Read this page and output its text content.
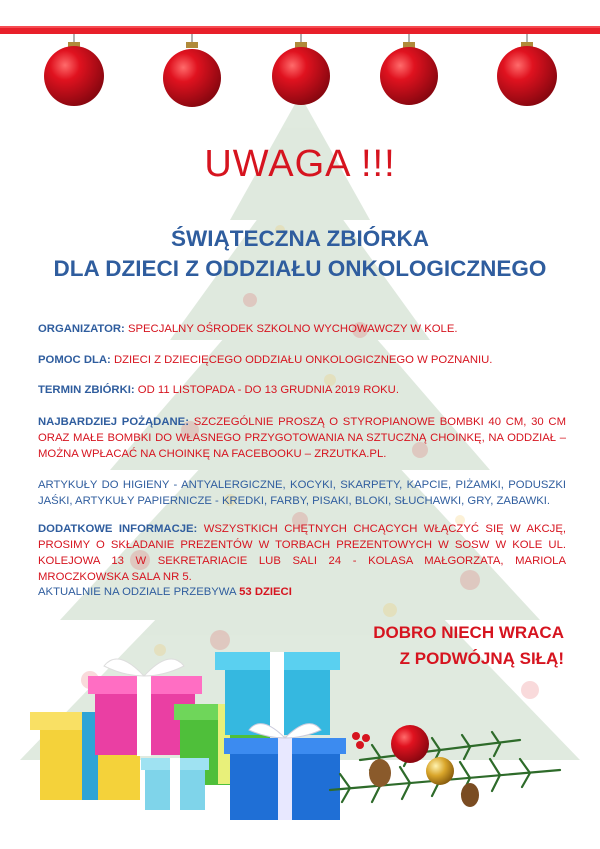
UWAGA !!!
ŚWIĄTECZNA ZBIÓRKA
DLA DZIECI Z ODDZIAŁU ONKOLOGICZNEGO
ORGANIZATOR: SPECJALNY OŚRODEK SZKOLNO WYCHOWAWCZY W KOLE.
POMOC DLA: DZIECI Z DZIECIĘCEGO ODDZIAŁU ONKOLOGICZNEGO W POZNANIU.
TERMIN ZBIÓRKI: OD 11 LISTOPADA - DO 13 GRUDNIA 2019 ROKU.
NAJBARDZIEJ POŻĄDANE: SZCZEGÓLNIE PROSZĄ O STYROPIANOWE BOMBKI 40 CM, 30 CM ORAZ MAŁE BOMBKI DO WŁASNEGO PRZYGOTOWANIA NA SZTUCZNĄ CHOINKĘ, NA ODDZIAŁ – MOŻNA WPŁACAĆ NA CHOINKĘ NA FACEBOOKU – ZRZUTKA.PL.
ARTYKUŁY DO HIGIENY - ANTYALERGICZNE, KOCYKI, SKARPETY, KAPCIE, PIŻAMKI, PODUSZKI JAŚKI, ARTYKUŁY PAPIERNICZE - KREDKI, FARBY, PISAKI, BLOKI, SŁUCHAWKI, GRY, ZABAWKI.
DODATKOWE INFORMACJE: WSZYSTKICH CHĘTNYCH CHCĄCYCH WŁĄCZYĆ SIĘ W AKCJĘ, PROSIMY O SKŁADANIE PREZENTÓW W TORBACH PREZENTOWYCH W SOSW W KOLE UL. KOLEJOWA 13 W SEKRETARIACIE LUB SALI 24 - KOLASA MAŁGORZATA, MARIOLA MROCZKOWSKA SALA NR 5.
AKTUALNIE NA ODZIALE PRZEBYWA 53 DZIECI
DOBRO NIECH WRACA
Z PODWÓJNĄ SIŁĄ!
